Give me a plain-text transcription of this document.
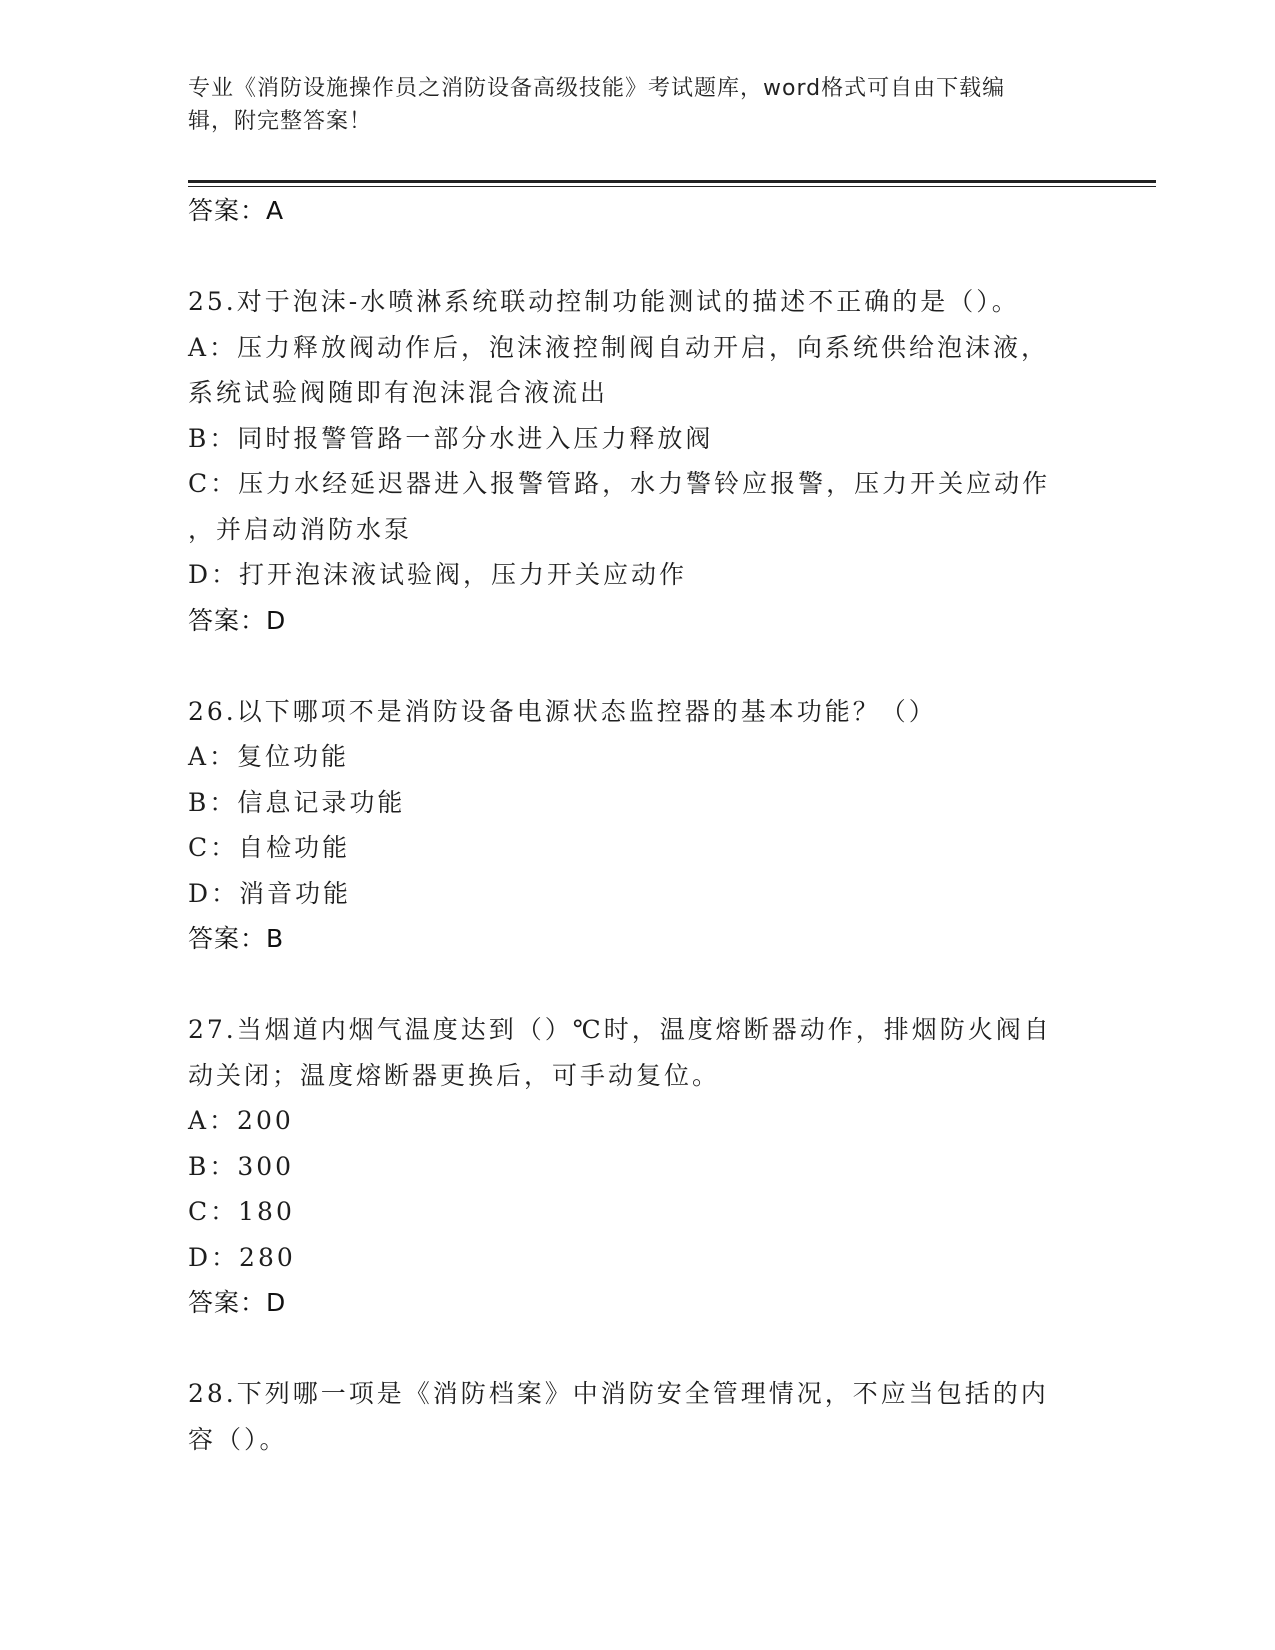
专业《消防设施操作员之消防设备高级技能》考试题库，word格式可自由下载编
辑，附完整答案！
答案：A
25.对于泡沫-水喷淋系统联动控制功能测试的描述不正确的是（）。
A：压力释放阀动作后，泡沫液控制阀自动开启，向系统供给泡沫液，
系统试验阀随即有泡沫混合液流出
B：同时报警管路一部分水进入压力释放阀
C：压力水经延迟器进入报警管路，水力警铃应报警，压力开关应动作
，并启动消防水泵
D：打开泡沫液试验阀，压力开关应动作
答案：D
26.以下哪项不是消防设备电源状态监控器的基本功能？（）
A：复位功能
B：信息记录功能
C：自检功能
D：消音功能
答案：B
27.当烟道内烟气温度达到（）℃时，温度熔断器动作，排烟防火阀自
动关闭；温度熔断器更换后，可手动复位。
A：200
B：300
C：180
D：280
答案：D
28.下列哪一项是《消防档案》中消防安全管理情况，不应当包括的内
容（）。
